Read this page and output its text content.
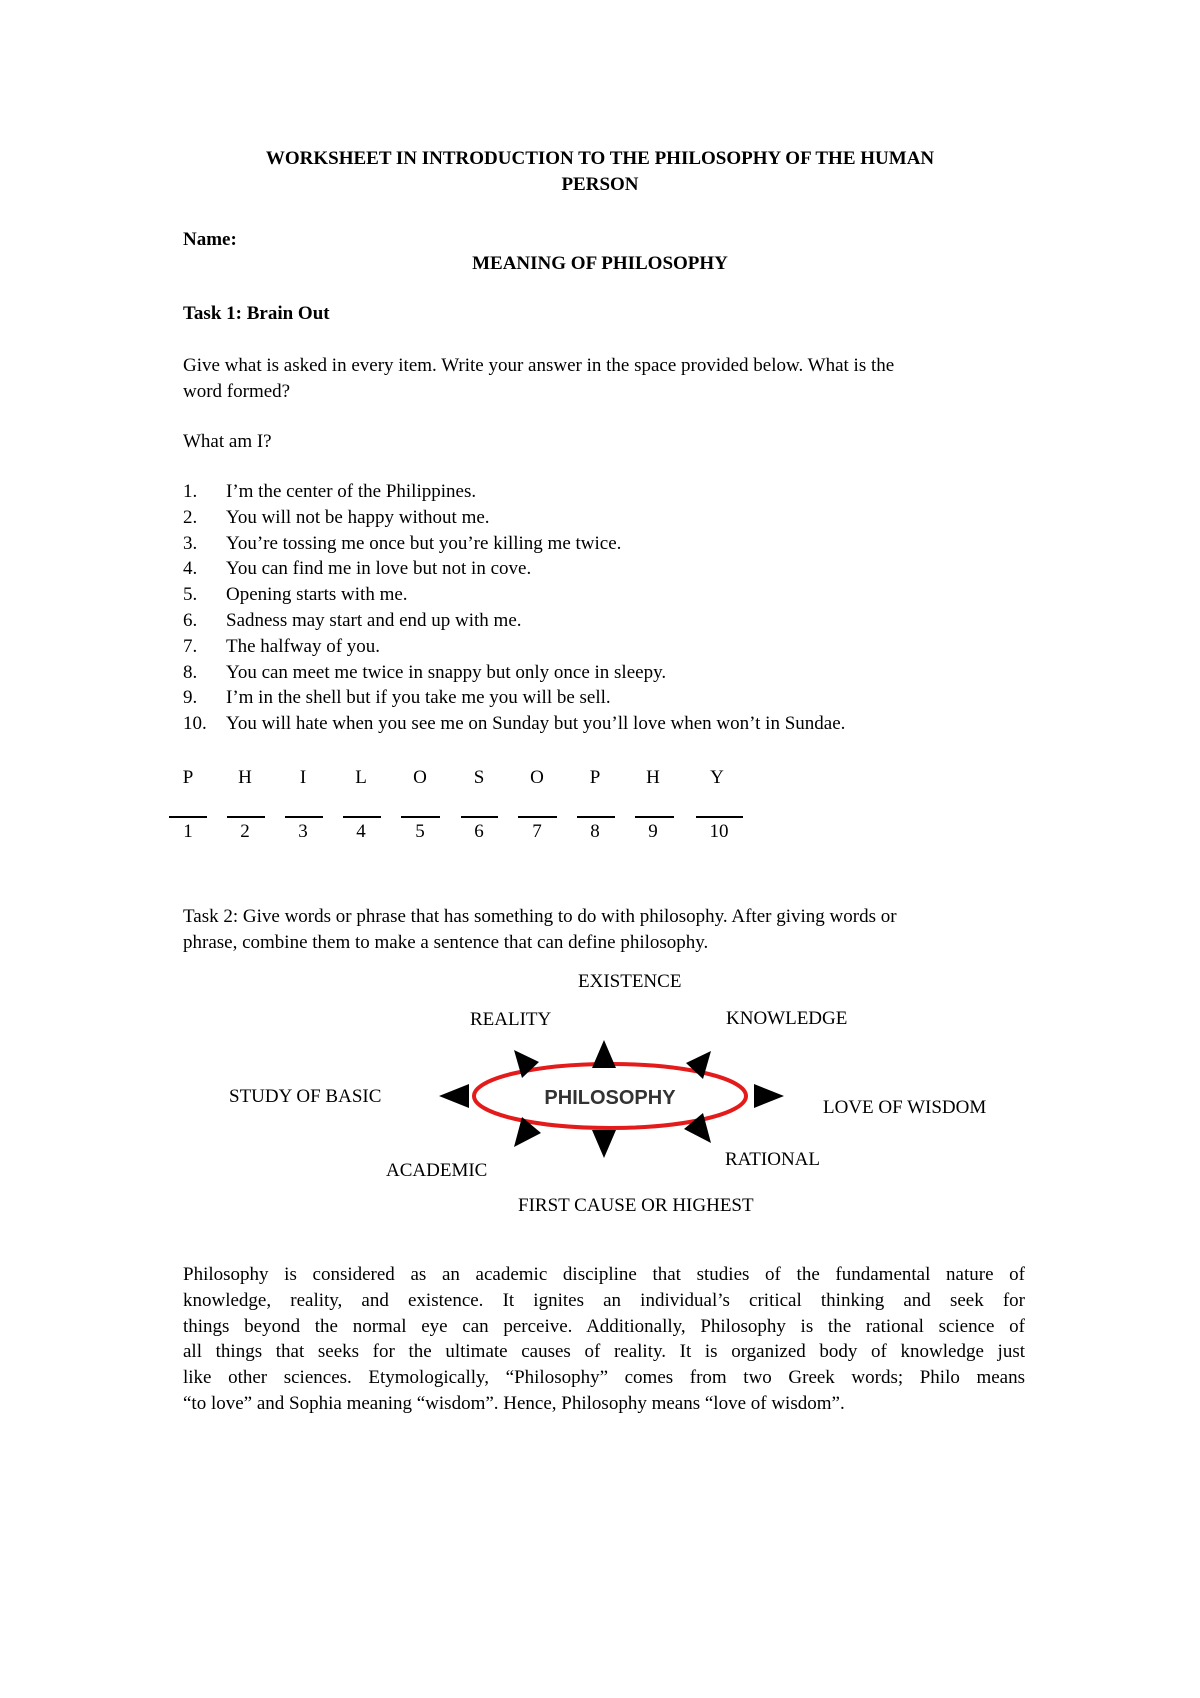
WORKSHEET IN INTRODUCTION TO THE PHILOSOPHY OF THE HUMAN
PERSON
Name:
MEANING OF PHILOSOPHY
Task 1: Brain Out
Give what is asked in every item. Write your answer in the space provided below. What is the
word formed?
What am I?
1.	I’m the center of the Philippines.
2.	You will not be happy without me.
3.	You’re tossing me once but you’re killing me twice.
4.	You can find me in love but not in cove.
5.	Opening starts with me.
6.	Sadness may start and end up with me.
7.	The halfway of you.
8.	You can meet me twice in snappy but only once in sleepy.
9.	I’m in the shell but if you take me you will be sell.
10.	You will hate when you see me on Sunday but you’ll love when won’t in Sundae.
P	H	I	L	O	S	O	P	H	Y
1	2	3	4	5	6	7	8	9	10
Task 2: Give words or phrase that has something to do with philosophy. After giving words or
phrase, combine them to make a sentence that can define philosophy.
EXISTENCE
REALITY	KNOWLEDGE
STUDY OF BASIC
LOVE OF WISDOM
ACADEMIC
RATIONAL
FIRST CAUSE OR HIGHEST
PHILOSOPHY
Philosophy is considered as an academic discipline that studies of the fundamental nature of
knowledge, reality, and existence. It ignites an individual’s critical thinking and seek for
things beyond the normal eye can perceive. Additionally, Philosophy is the rational science of
all things that seeks for the ultimate causes of reality. It is organized body of knowledge just
like other sciences. Etymologically, “Philosophy” comes from two Greek words; Philo means
“to love” and Sophia meaning “wisdom”. Hence, Philosophy means “love of wisdom”.
